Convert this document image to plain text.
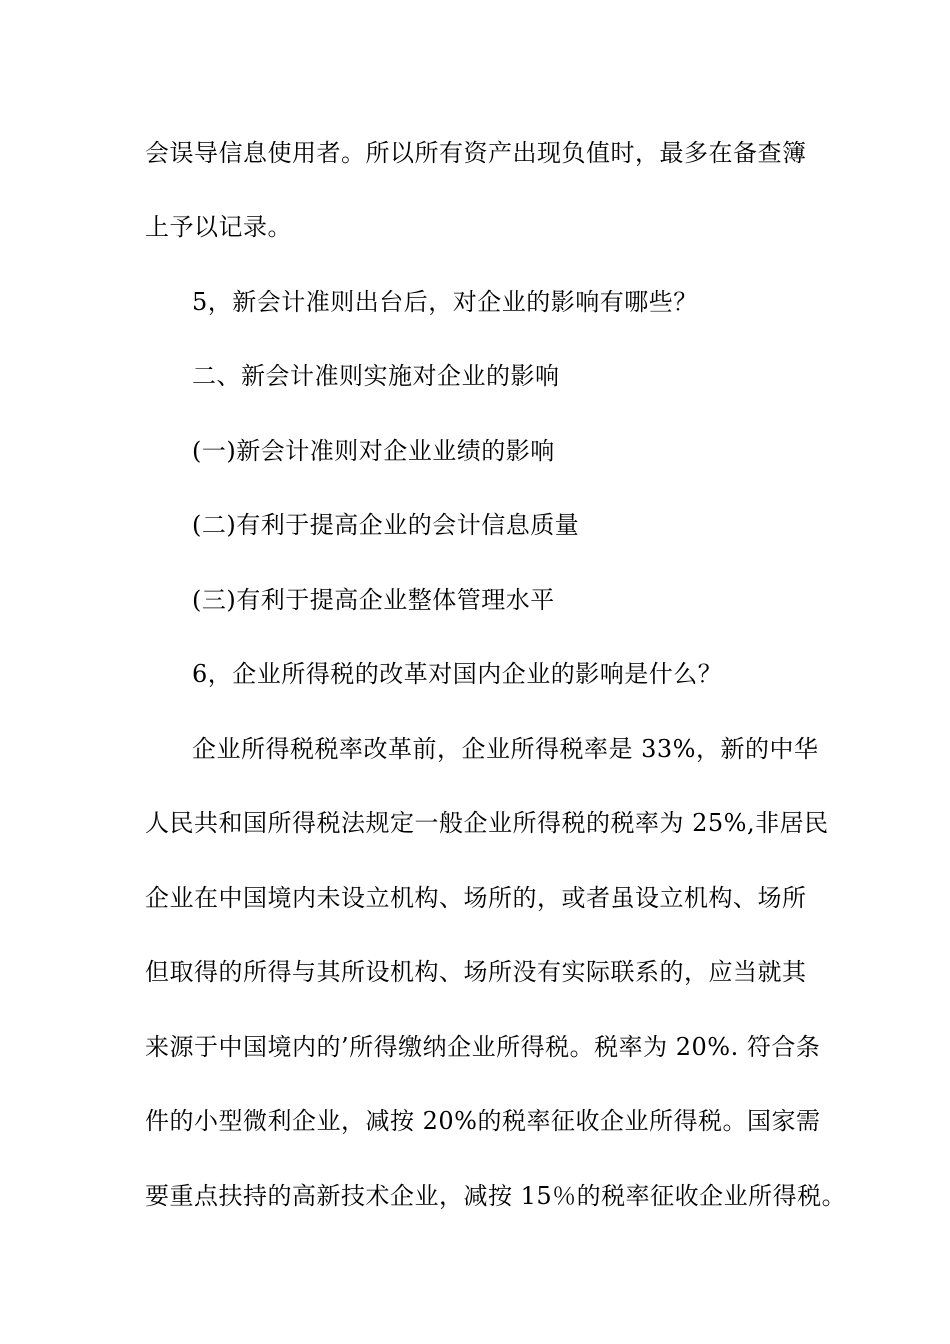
会误导信息使用者。所以所有资产出现负值时，最多在备查簿
上予以记录。
5，新会计准则出台后，对企业的影响有哪些？
二、新会计准则实施对企业的影响
(一)新会计准则对企业业绩的影响
(二)有利于提高企业的会计信息质量
(三)有利于提高企业整体管理水平
6，企业所得税的改革对国内企业的影响是什么？
企业所得税税率改革前，企业所得税率是 33%，新的中华
人民共和国所得税法规定一般企业所得税的税率为 25%,非居民
企业在中国境内未设立机构、场所的，或者虽设立机构、场所
但取得的所得与其所设机构、场所没有实际联系的，应当就其
来源于中国境内的’所得缴纳企业所得税。税率为 20%. 符合条
件的小型微利企业，减按 20%的税率征收企业所得税。国家需
要重点扶持的高新技术企业，减按 15％的税率征收企业所得税。
